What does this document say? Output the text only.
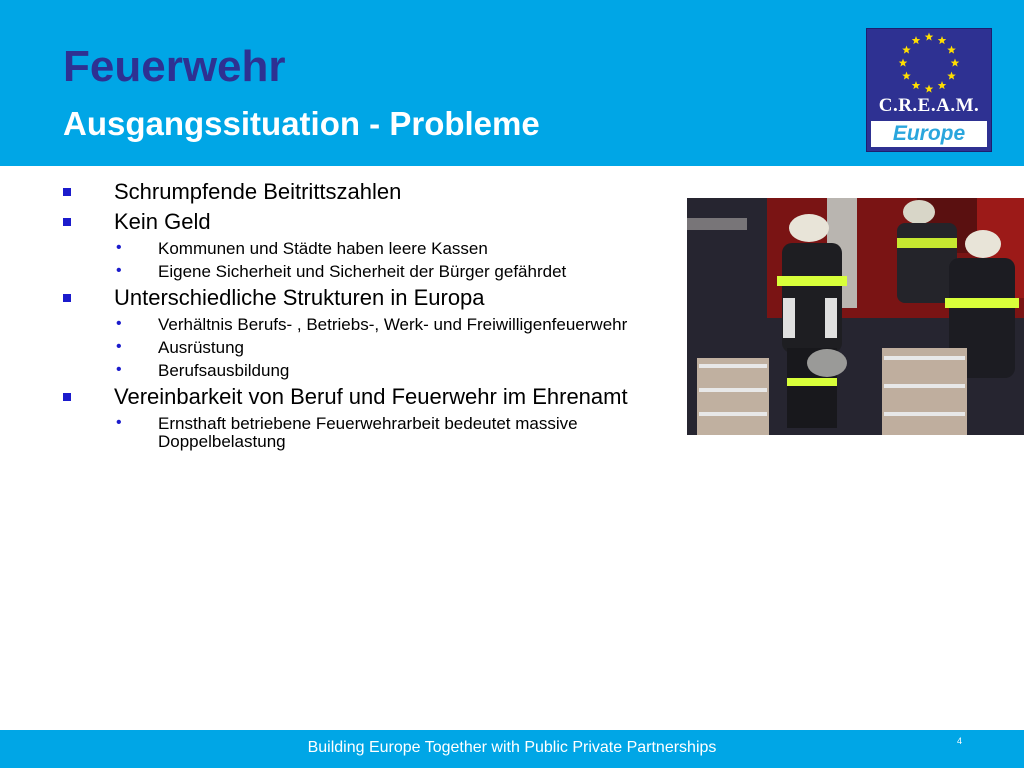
Feuerwehr
Ausgangssituation - Probleme	C.R.E.A.M.
Europe
Schrumpfende Beitrittszahlen
Kein Geld
• Kommunen und Städte haben leere Kassen
• Eigene Sicherheit und Sicherheit der Bürger gefährdet
Unterschiedliche Strukturen in Europa
• Verhältnis Berufs- , Betriebs-, Werk- und Freiwilligenfeuerwehr
• Ausrüstung
• Berufsausbildung
Vereinbarkeit von Beruf und Feuerwehr im Ehrenamt
• Ernsthaft betriebene Feuerwehrarbeit bedeutet massive Doppelbelastung
Building Europe Together with Public Private Partnerships	4
